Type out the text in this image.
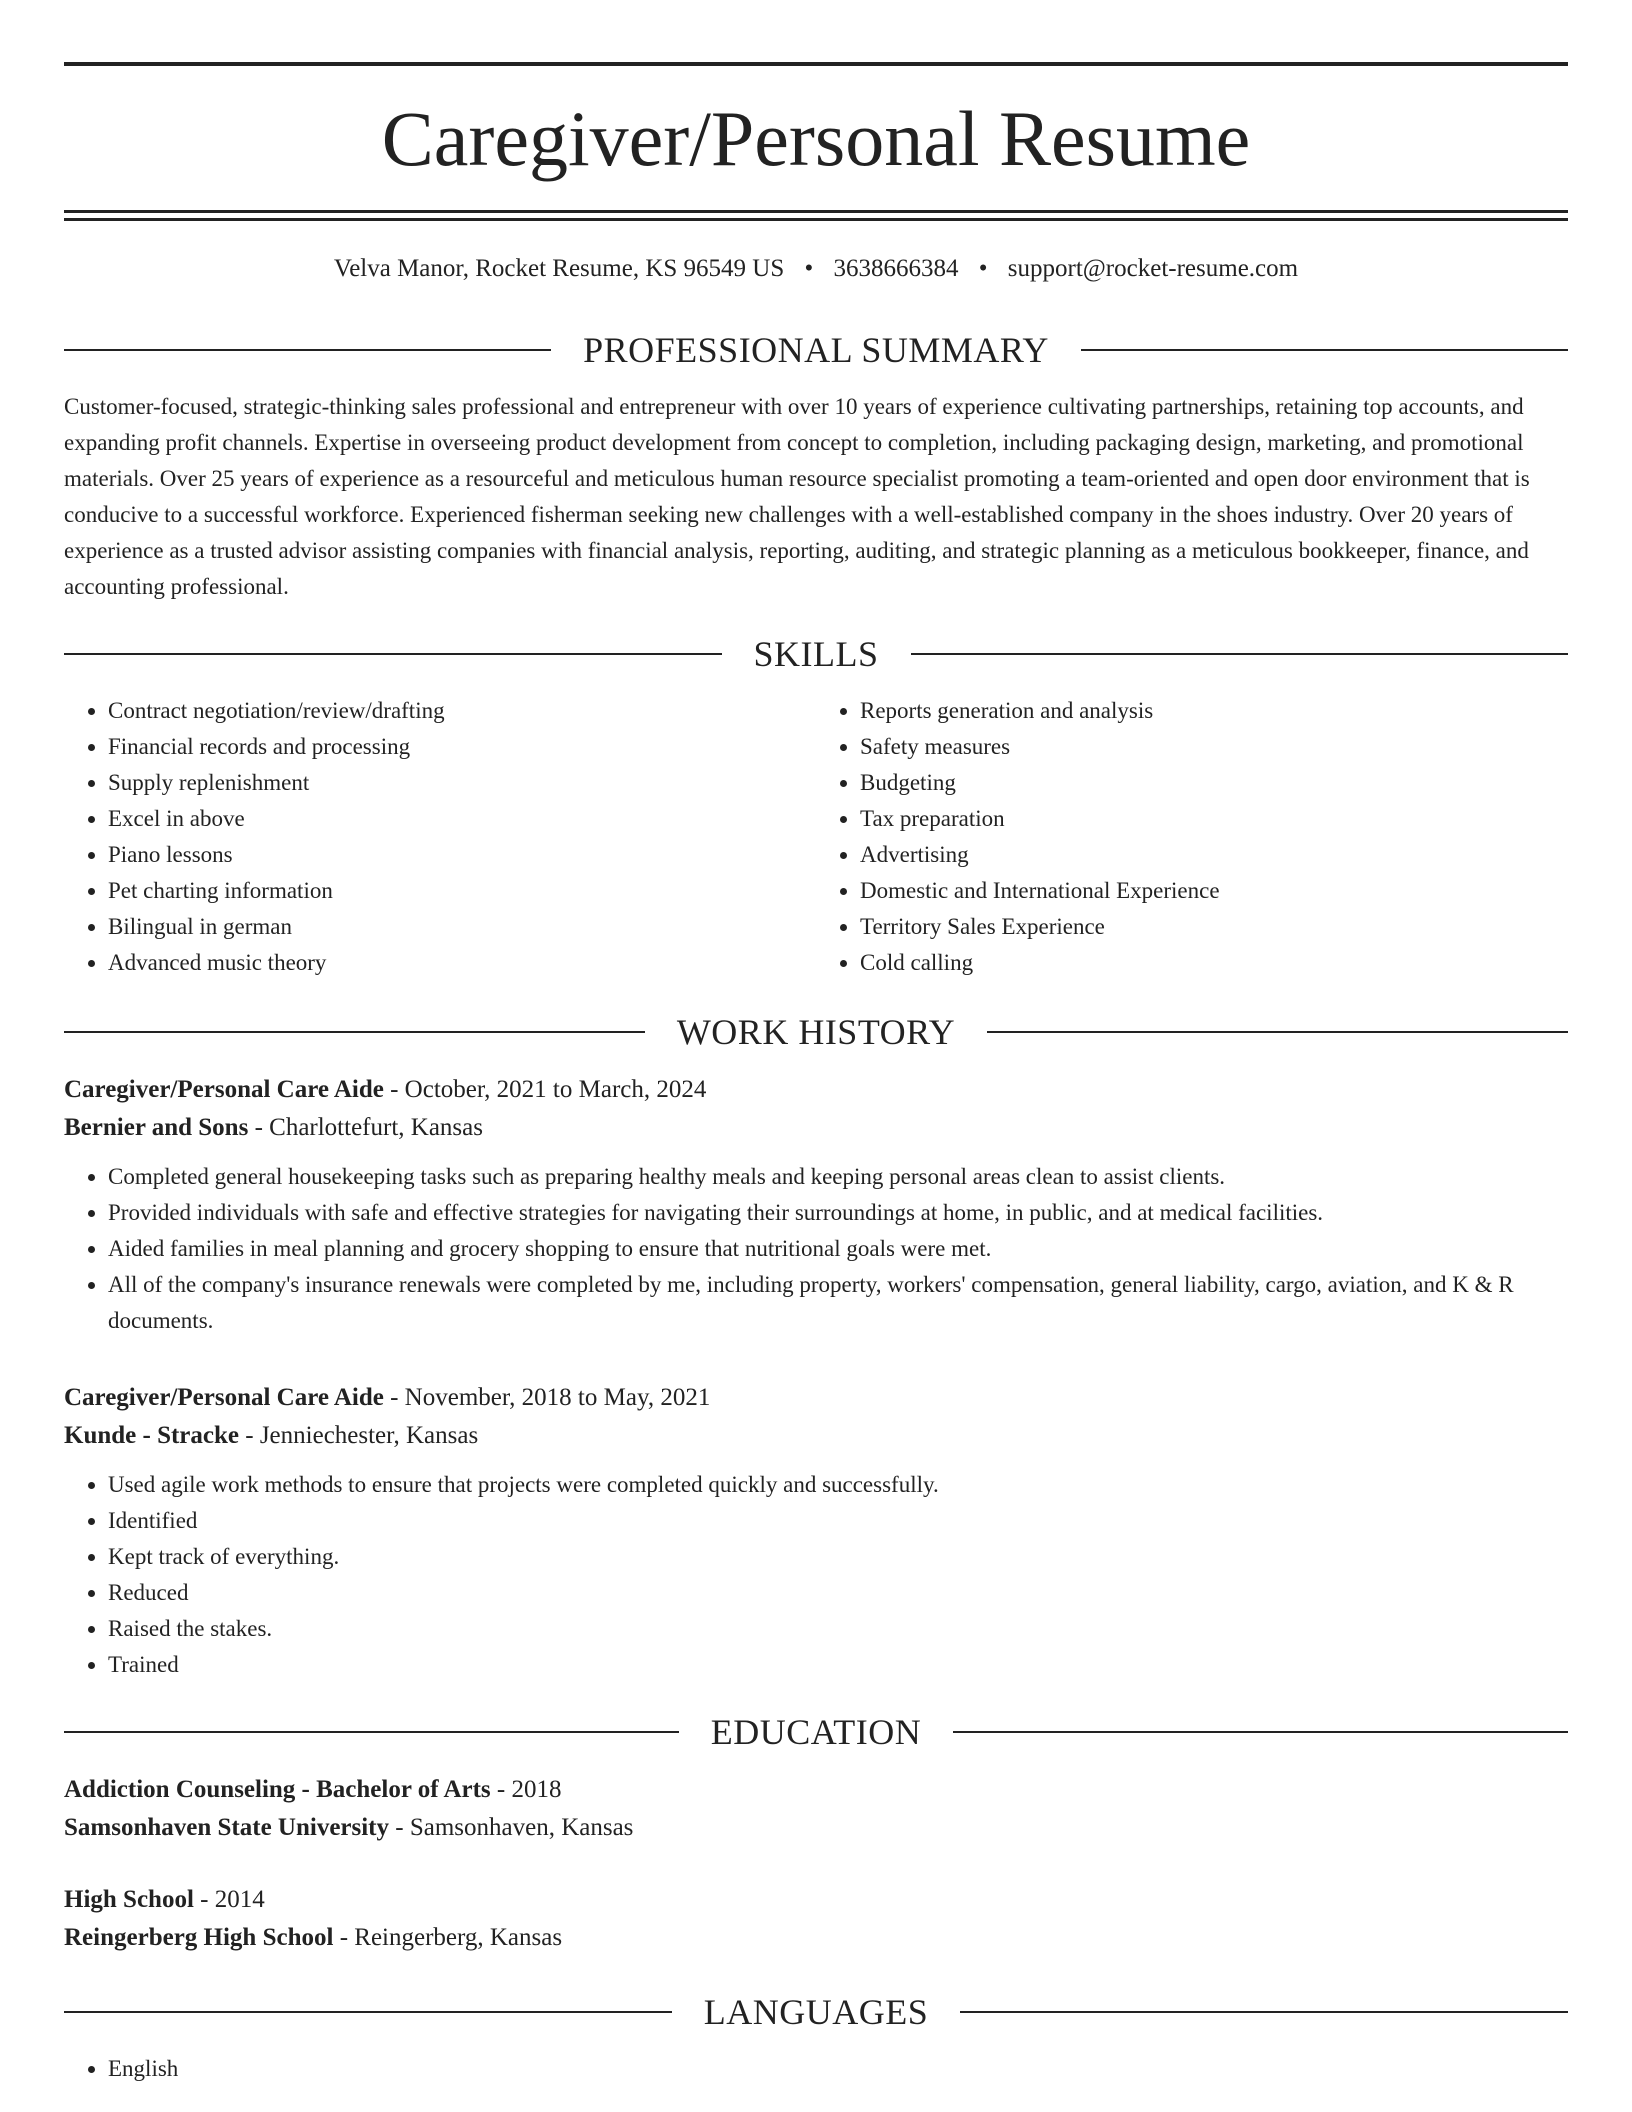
Caregiver/Personal Resume
Velva Manor, Rocket Resume, KS 96549 US • 3638666384 • support@rocket-resume.com
PROFESSIONAL SUMMARY

Customer-focused, strategic-thinking sales professional and entrepreneur with over 10 years of experience cultivating partnerships, retaining top accounts, and expanding profit channels. Expertise in overseeing product development from concept to completion, including packaging design, marketing, and promotional materials. Over 25 years of experience as a resourceful and meticulous human resource specialist promoting a team-oriented and open door environment that is conducive to a successful workforce. Experienced fisherman seeking new challenges with a well-established company in the shoes industry. Over 20 years of experience as a trusted advisor assisting companies with financial analysis, reporting, auditing, and strategic planning as a meticulous bookkeeper, finance, and accounting professional.

SKILLS
• Contract negotiation/review/drafting
• Financial records and processing
• Supply replenishment
• Excel in above
• Piano lessons
• Pet charting information
• Bilingual in german
• Advanced music theory
• Reports generation and analysis
• Safety measures
• Budgeting
• Tax preparation
• Advertising
• Domestic and International Experience
• Territory Sales Experience
• Cold calling
WORK HISTORY
Caregiver/Personal Care Aide - October, 2021 to March, 2024
Bernier and Sons - Charlottefurt, Kansas
• Completed general housekeeping tasks such as preparing healthy meals and keeping personal areas clean to assist clients.
• Provided individuals with safe and effective strategies for navigating their surroundings at home, in public, and at medical facilities.
• Aided families in meal planning and grocery shopping to ensure that nutritional goals were met.
• All of the company's insurance renewals were completed by me, including property, workers' compensation, general liability, cargo, aviation, and K & R documents.
Caregiver/Personal Care Aide - November, 2018 to May, 2021
Kunde - Stracke - Jenniechester, Kansas
• Used agile work methods to ensure that projects were completed quickly and successfully.
• Identified
• Kept track of everything.
• Reduced
• Raised the stakes.
• Trained
EDUCATION
Addiction Counseling - Bachelor of Arts - 2018
Samsonhaven State University - Samsonhaven, Kansas
High School - 2014
Reingerberg High School - Reingerberg, Kansas
LANGUAGES
• English
